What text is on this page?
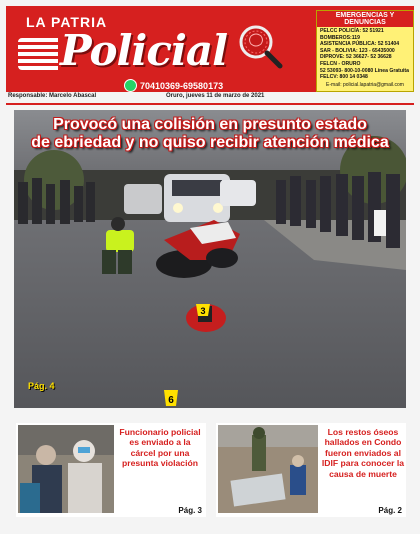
LA PATRIA
Policial
70410369-69580173
EMERGENCIAS Y DENUNCIAS
PELCC POLICÍA: 52 51921
BOMBEROS:119
ASISTENCIA PÚBLICA: 52 51404
SAR - BOLIVIA: 123 - 65435000
DIPROVE: 52 36627- 52 36628
FELCN - ORURO
52 53093- 800-10-0080 Línea Gratuita
FELCV: 800 14 0348
E-mail: policial.lapatria@gmail.com
Responsable: Marcelo Abascal	Oruro, jueves 11 de marzo de 2021
3
6
Provocó una colisión en presunto estado
de ebriedad y no quiso recibir atención médica
Pág. 4
Funcionario policial es enviado a la cárcel por una presunta violación
Pág. 3
Los restos óseos hallados en Condo fueron enviados al IDIF para conocer la causa de muerte
Pág. 2
